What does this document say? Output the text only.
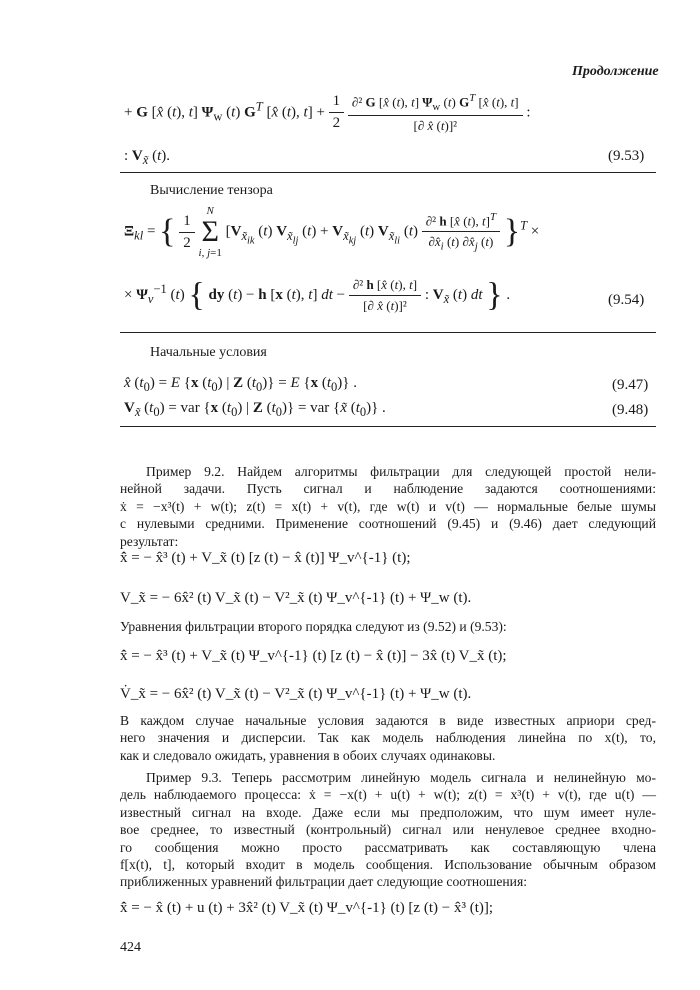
Продолжение
+ G [x̂ (t), t] $\Psi_w$ (t) $G^T$ [x̂ (t), $t] + \frac{1}{2}$
$\frac{\partial^2 G [x̂ (t), t] \Psi_w (t) G^T [x̂ (t), t]}{\text{[∂ x̂ (t)]²}}$ :
: $V_{x̃}$ (t).	(9.53)
Вычисление тензора
$\Xi_{kl}$ = { $\frac{1}{2}$
N
Σ
i, j=1 [$V_{x̃_{ik}}$ (t) $V_{x̃_{lj}}$ $(t) + V_{x̃_{kj}}$ (t) $V_{x̃_{li}}$ $(t) \frac{\partial^2 h [x̂ (t), t]^T}{\partial x̂_i (t) \partial x̂_j (t)} \}^T$ ×
× $\Psi_v^{-1}$ (t) { dy (t) − h [x (t), t] dt − $\frac{\text{∂² h [x̂ (t), t]}}{\text{[∂ x̂ (t)]²}}$ : $V_{x̃}$ (t) dt } .	(9.54)
Начальные условия
x̂ $(t_0) = E$ {x $(t_0)$ | Z $(t_0)\} = E$ {x $(t_0)$} .	(9.47)
$V_{x̃}$ $(t_0)$ = var {x $(t_0)$ | Z $(t_0)$} = var {x̃ $(t_0)$} .	(9.48)
Пример 9.2. Найдем алгоритмы фильтрации для следующей простой нели-
нейной задачи. Пусть сигнал и наблюдение задаются соотношениями:
ẋ = −x³(t) + w(t); z(t) = x(t) + v(t), где w(t) и v(t) — нормальные белые шумы
с нулевыми средними. Применение соотношений (9.45) и (9.46) дает следующий
результат:
x̂̇ = − x̂³ (t) + V_x̃ (t) [z (t) − x̂ (t)] Ψ_v^{-1} (t);
V_x̃ = − 6x̂² (t) V_x̃ (t) − V²_x̃ (t) Ψ_v^{-1} (t) + Ψ_w (t).
Уравнения фильтрации второго порядка следуют из (9.52) и (9.53):
x̂̇ = − x̂³ (t) + V_x̃ (t) Ψ_v^{-1} (t) [z (t) − x̂ (t)] − 3x̂ (t) V_x̃ (t);
V̇_x̃ = − 6x̂² (t) V_x̃ (t) − V²_x̃ (t) Ψ_v^{-1} (t) + Ψ_w (t).
В каждом случае начальные условия задаются в виде известных априори сред-
него значения и дисперсии. Так как модель наблюдения линейна по x(t), то,
как и следовало ожидать, уравнения в обоих случаях одинаковы.
Пример 9.3. Теперь рассмотрим линейную модель сигнала и нелинейную мо-
дель наблюдаемого процесса: ẋ = −x(t) + u(t) + w(t); z(t) = x³(t) + v(t), где u(t) —
известный сигнал на входе. Даже если мы предположим, что шум имеет нуле-
вое среднее, то известный (контрольный) сигнал или ненулевое среднее входно-
го сообщения можно просто рассматривать как составляющую члена
f[x(t), t], который входит в модель сообщения. Использование обычным образом
приближенных уравнений фильтрации дает следующие соотношения:
x̂̇ = − x̂ (t) + u (t) + 3x̂² (t) V_x̃ (t) Ψ_v^{-1} (t) [z (t) − x̂³ (t)];
424
